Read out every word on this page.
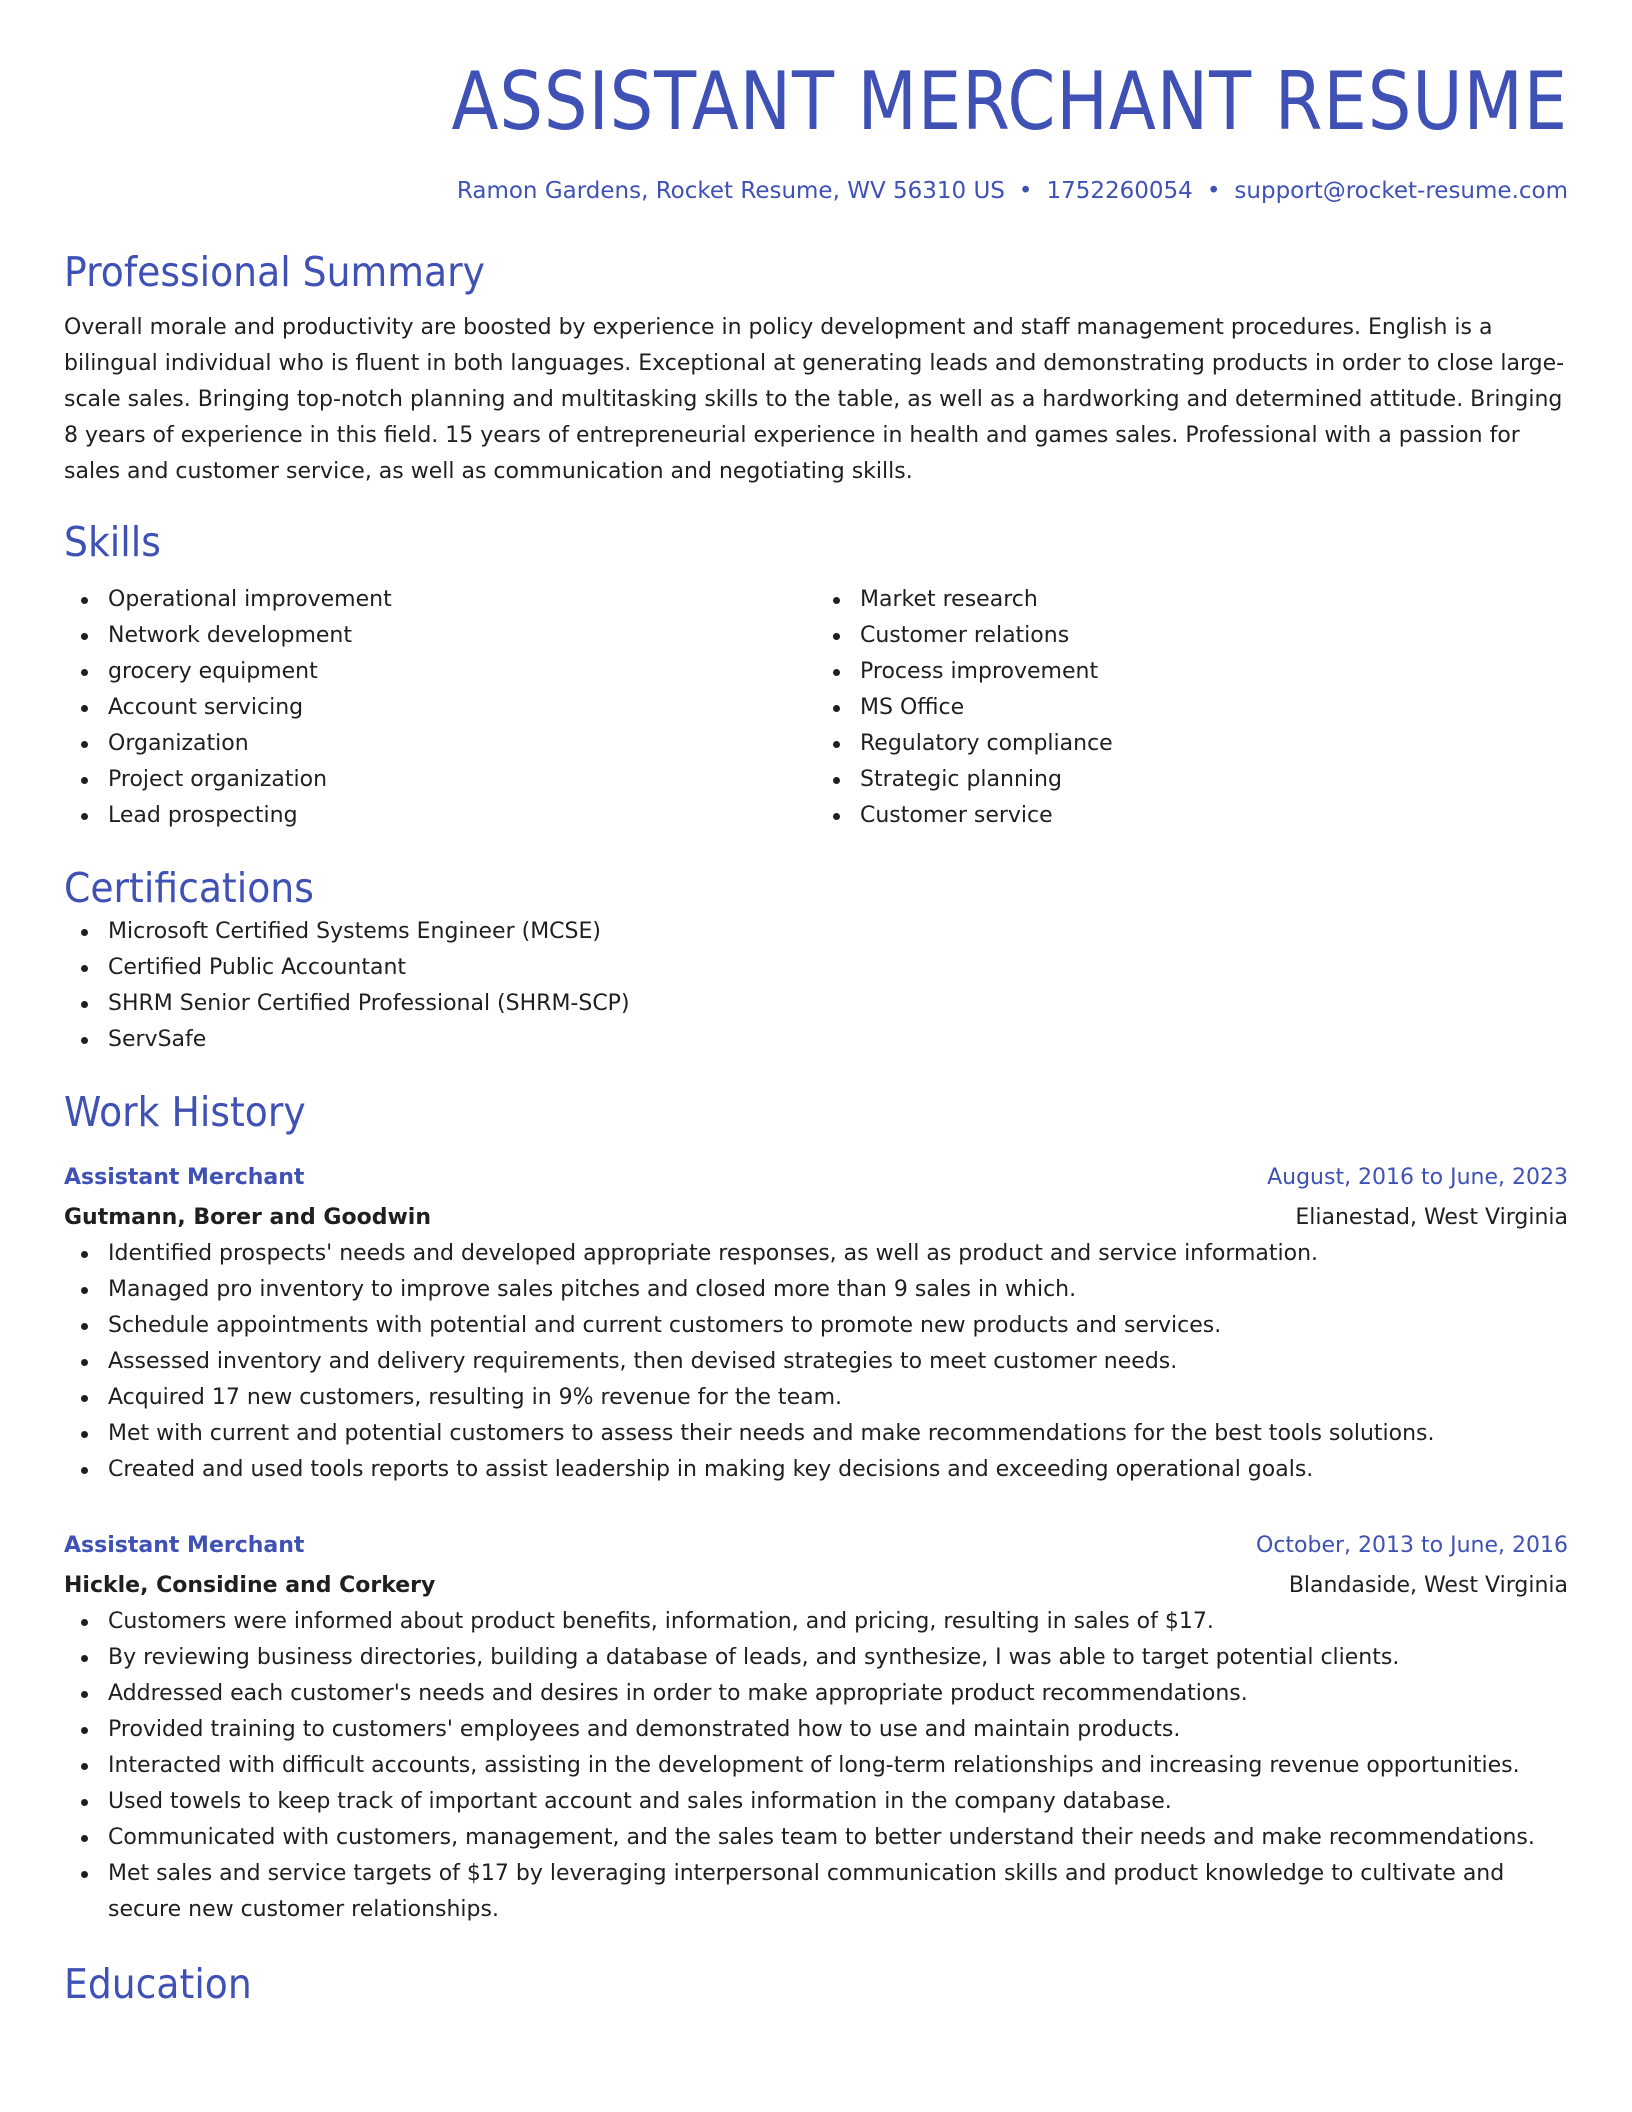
ASSISTANT MERCHANT RESUME
Ramon Gardens, Rocket Resume, WV 56310 US • 1752260054 • support@rocket-resume.com
Professional Summary
Overall morale and productivity are boosted by experience in policy development and staff management procedures. English is a bilingual individual who is fluent in both languages. Exceptional at generating leads and demonstrating products in order to close large-scale sales. Bringing top-notch planning and multitasking skills to the table, as well as a hardworking and determined attitude. Bringing 8 years of experience in this field. 15 years of entrepreneurial experience in health and games sales. Professional with a passion for sales and customer service, as well as communication and negotiating skills.
Skills
Operational improvement
Network development
grocery equipment
Account servicing
Organization
Project organization
Lead prospecting
Market research
Customer relations
Process improvement
MS Office
Regulatory compliance
Strategic planning
Customer service
Certifications
Microsoft Certified Systems Engineer (MCSE)
Certified Public Accountant
SHRM Senior Certified Professional (SHRM-SCP)
ServSafe
Work History
Assistant Merchant	August, 2016 to June, 2023
Gutmann, Borer and Goodwin	Elianestad, West Virginia
Identified prospects' needs and developed appropriate responses, as well as product and service information.
Managed pro inventory to improve sales pitches and closed more than 9 sales in which.
Schedule appointments with potential and current customers to promote new products and services.
Assessed inventory and delivery requirements, then devised strategies to meet customer needs.
Acquired 17 new customers, resulting in 9% revenue for the team.
Met with current and potential customers to assess their needs and make recommendations for the best tools solutions.
Created and used tools reports to assist leadership in making key decisions and exceeding operational goals.
Assistant Merchant	October, 2013 to June, 2016
Hickle, Considine and Corkery	Blandaside, West Virginia
Customers were informed about product benefits, information, and pricing, resulting in sales of $17.
By reviewing business directories, building a database of leads, and synthesize, I was able to target potential clients.
Addressed each customer's needs and desires in order to make appropriate product recommendations.
Provided training to customers' employees and demonstrated how to use and maintain products.
Interacted with difficult accounts, assisting in the development of long-term relationships and increasing revenue opportunities.
Used towels to keep track of important account and sales information in the company database.
Communicated with customers, management, and the sales team to better understand their needs and make recommendations.
Met sales and service targets of $17 by leveraging interpersonal communication skills and product knowledge to cultivate and secure new customer relationships.
Education
